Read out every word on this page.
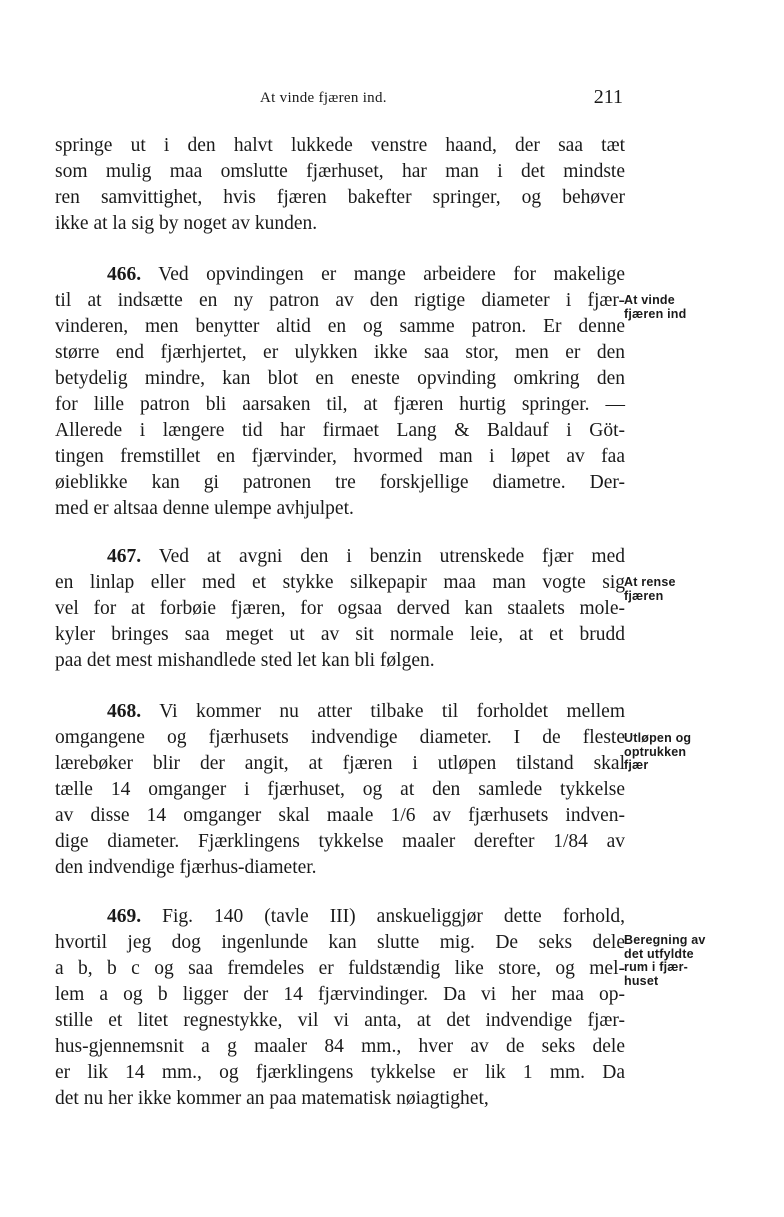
At vinde fjæren ind.	211
springe ut i den halvt lukkede venstre haand, der saa tæt
som mulig maa omslutte fjærhuset, har man i det mindste
ren samvittighet, hvis fjæren bakefter springer, og behøver
ikke at la sig by noget av kunden.
466. Ved opvindingen er mange arbeidere for makelige
til at indsætte en ny patron av den rigtige diameter i fjær-
vinderen, men benytter altid en og samme patron. Er denne
større end fjærhjertet, er ulykken ikke saa stor, men er den
betydelig mindre, kan blot en eneste opvinding omkring den
for lille patron bli aarsaken til, at fjæren hurtig springer. —
Allerede i længere tid har firmaet Lang & Baldauf i Göt-
tingen fremstillet en fjærvinder, hvormed man i løpet av faa
øieblikke kan gi patronen tre forskjellige diametre. Der-
med er altsaa denne ulempe avhjulpet.
At vinde
fjæren ind
467. Ved at avgni den i benzin utrenskede fjær med
en linlap eller med et stykke silkepapir maa man vogte sig
vel for at forbøie fjæren, for ogsaa derved kan staalets mole-
kyler bringes saa meget ut av sit normale leie, at et brudd
paa det mest mishandlede sted let kan bli følgen.
At rense
fjæren
468. Vi kommer nu atter tilbake til forholdet mellem
omgangene og fjærhusets indvendige diameter. I de fleste
lærebøker blir der angit, at fjæren i utløpen tilstand skal
tælle 14 omganger i fjærhuset, og at den samlede tykkelse
av disse 14 omganger skal maale 1/6 av fjærhusets indven-
dige diameter. Fjærklingens tykkelse maaler derefter 1/84 av
den indvendige fjærhus-diameter.
Utløpen og
optrukken
fjær
469. Fig. 140 (tavle III) anskueliggjør dette forhold,
hvortil jeg dog ingenlunde kan slutte mig. De seks dele
a b, b c og saa fremdeles er fuldstændig like store, og mel-
lem a og b ligger der 14 fjærvindinger. Da vi her maa op-
stille et litet regnestykke, vil vi anta, at det indvendige fjær-
hus-gjennemsnit a g maaler 84 mm., hver av de seks dele
er lik 14 mm., og fjærklingens tykkelse er lik 1 mm. Da
det nu her ikke kommer an paa matematisk nøiagtighet,
Beregning av
det utfyldte
rum i fjær-
huset
